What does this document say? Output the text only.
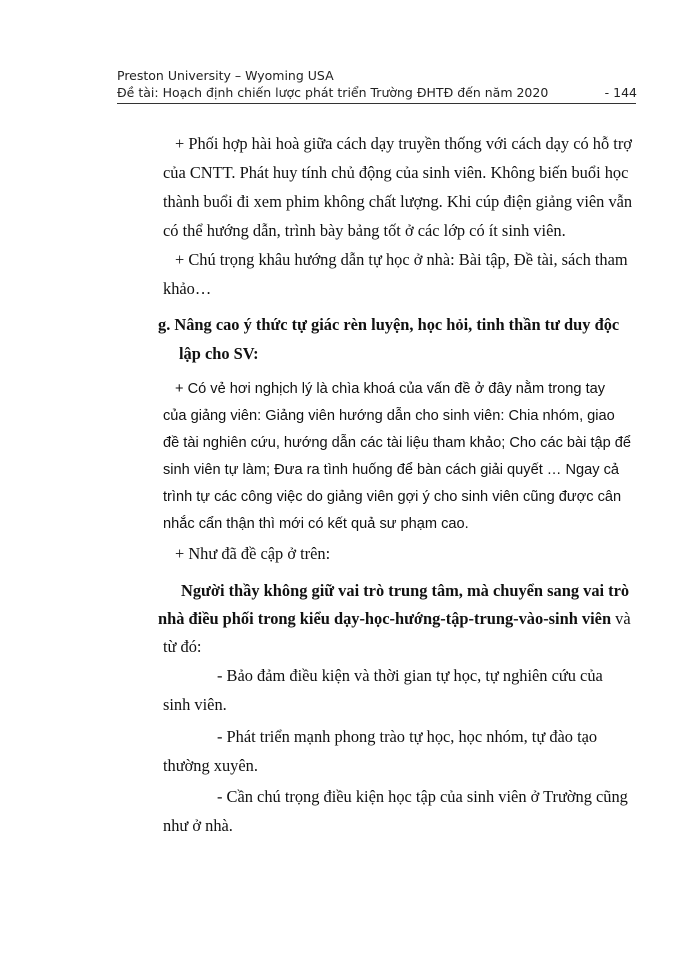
Preston University – Wyoming USA
Đề tài: Hoạch định chiến lược phát triển Trường ĐHTĐ đến năm 2020	- 144
+ Phối hợp hài hoà giữa cách dạy truyền thống với cách dạy có hỗ trợ
của CNTT. Phát huy tính chủ động của sinh viên. Không biến buổi học
thành buổi đi xem phim không chất lượng. Khi cúp điện giảng viên vẫn
có thể hướng dẫn, trình bày bảng tốt ở các lớp có ít sinh viên.
+ Chú trọng khâu hướng dẫn tự học ở nhà: Bài tập, Đề tài, sách tham
khảo…
g. Nâng cao ý thức tự giác rèn luyện, học hỏi, tinh thần tư duy độc
lập cho SV:
+ Có vẻ hơi nghịch lý là chìa khoá của vấn đề ở đây nằm trong tay
của giảng viên: Giảng viên hướng dẫn cho sinh viên: Chia nhóm, giao
đề tài nghiên cứu, hướng dẫn các tài liệu tham khảo; Cho các bài tập để
sinh viên tự làm; Đưa ra tình huống để bàn cách giải quyết … Ngay cả
trình tự các công việc do giảng viên gợi ý cho sinh viên cũng được cân
nhắc cẩn thận thì mới có kết quả sư phạm cao.
+ Như đã đề cập ở trên:
Người thầy không giữ vai trò trung tâm, mà chuyển sang vai trò
nhà điều phối trong kiểu dạy-học-hướng-tập-trung-vào-sinh viên và
từ đó:
- Bảo đảm điều kiện và thời gian tự học, tự nghiên cứu của
sinh viên.
- Phát triển mạnh phong trào tự học, học nhóm, tự đào tạo
thường xuyên.
- Cần chú trọng điều kiện học tập của sinh viên ở Trường cũng
như ở nhà.
